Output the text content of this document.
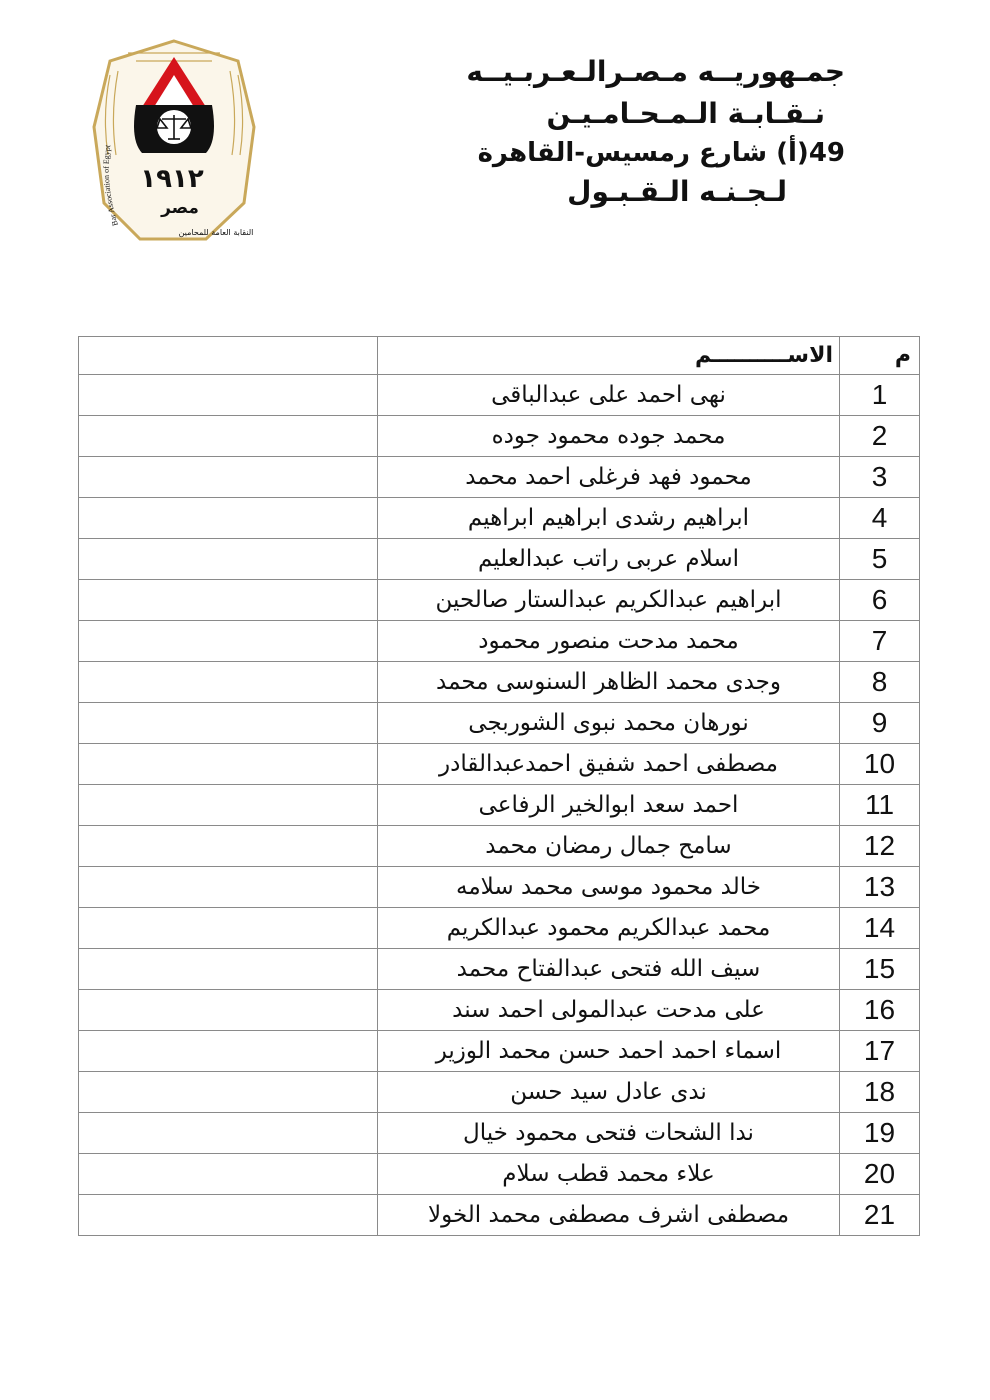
١٩١٢
مصر
Bar Association of Egypt
النقابة العامة للمحامين
جمـهوريــه مـصـرالـعـربـيــه
نـقـابـة الـمـحـامـيـن
49(أ) شارع رمسيس-القاهرة
لـجـنـه الـقـبـول
م	الاســــــــــم	
1	نهى احمد على عبدالباقى	
2	محمد جوده محمود جوده	
3	محمود فهد فرغلى احمد محمد	
4	ابراهيم رشدى ابراهيم ابراهيم	
5	اسلام عربى راتب عبدالعليم	
6	ابراهيم عبدالكريم عبدالستار صالحين	
7	محمد مدحت منصور محمود	
8	وجدى محمد الظاهر السنوسى محمد	
9	نورهان محمد نبوى الشوربجى	
10	مصطفى احمد شفيق احمدعبدالقادر	
11	احمد سعد ابوالخير الرفاعى	
12	سامح جمال رمضان محمد	
13	خالد محمود موسى محمد سلامه	
14	محمد عبدالكريم محمود عبدالكريم	
15	سيف الله فتحى عبدالفتاح محمد	
16	على مدحت عبدالمولى احمد سند	
17	اسماء احمد احمد حسن محمد الوزير	
18	ندى عادل سيد حسن	
19	ندا الشحات فتحى محمود خيال	
20	علاء محمد قطب سلام	
21	مصطفى اشرف مصطفى محمد الخولا	
